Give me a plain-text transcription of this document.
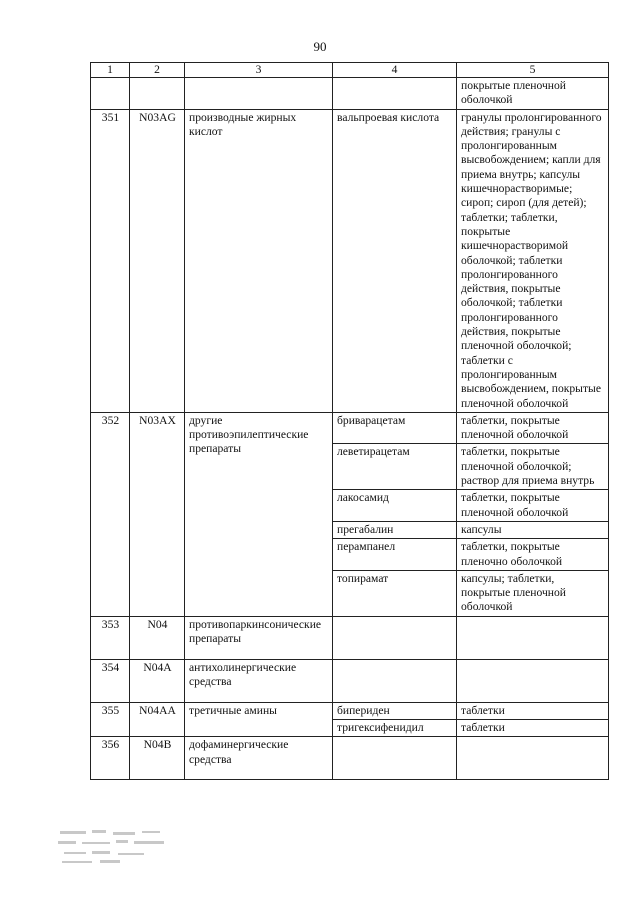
90
1	2	3	4	5
				покрытые пленочной оболочкой
351	N03AG	производные жирных кислот	вальпроевая кислота	гранулы пролонгированного действия; гранулы с пролонгированным высвобождением; капли для приема внутрь; капсулы кишечнорастворимые; сироп; сироп (для детей); таблетки; таблетки, покрытые кишечнорастворимой оболочкой; таблетки пролонгированного действия, покрытые оболочкой; таблетки пролонгированного действия, покрытые пленочной оболочкой; таблетки с пролонгированным высвобождением, покрытые пленочной оболочкой
352	N03AX	другие противоэпилептические препараты	бриварацетам	таблетки, покрытые пленочной оболочкой
			леветирацетам	таблетки, покрытые пленочной оболочкой; раствор для приема внутрь
			лакосамид	таблетки, покрытые пленочной оболочкой
			прегабалин	капсулы
			перампанел	таблетки, покрытые пленочно оболочкой
			топирамат	капсулы; таблетки, покрытые пленочной оболочкой
353	N04	противопаркинсонические препараты		
354	N04A	антихолинергические средства		
355	N04AA	третичные амины	бипериден	таблетки
			тригексифенидил	таблетки
356	N04B	дофаминергические средства		
